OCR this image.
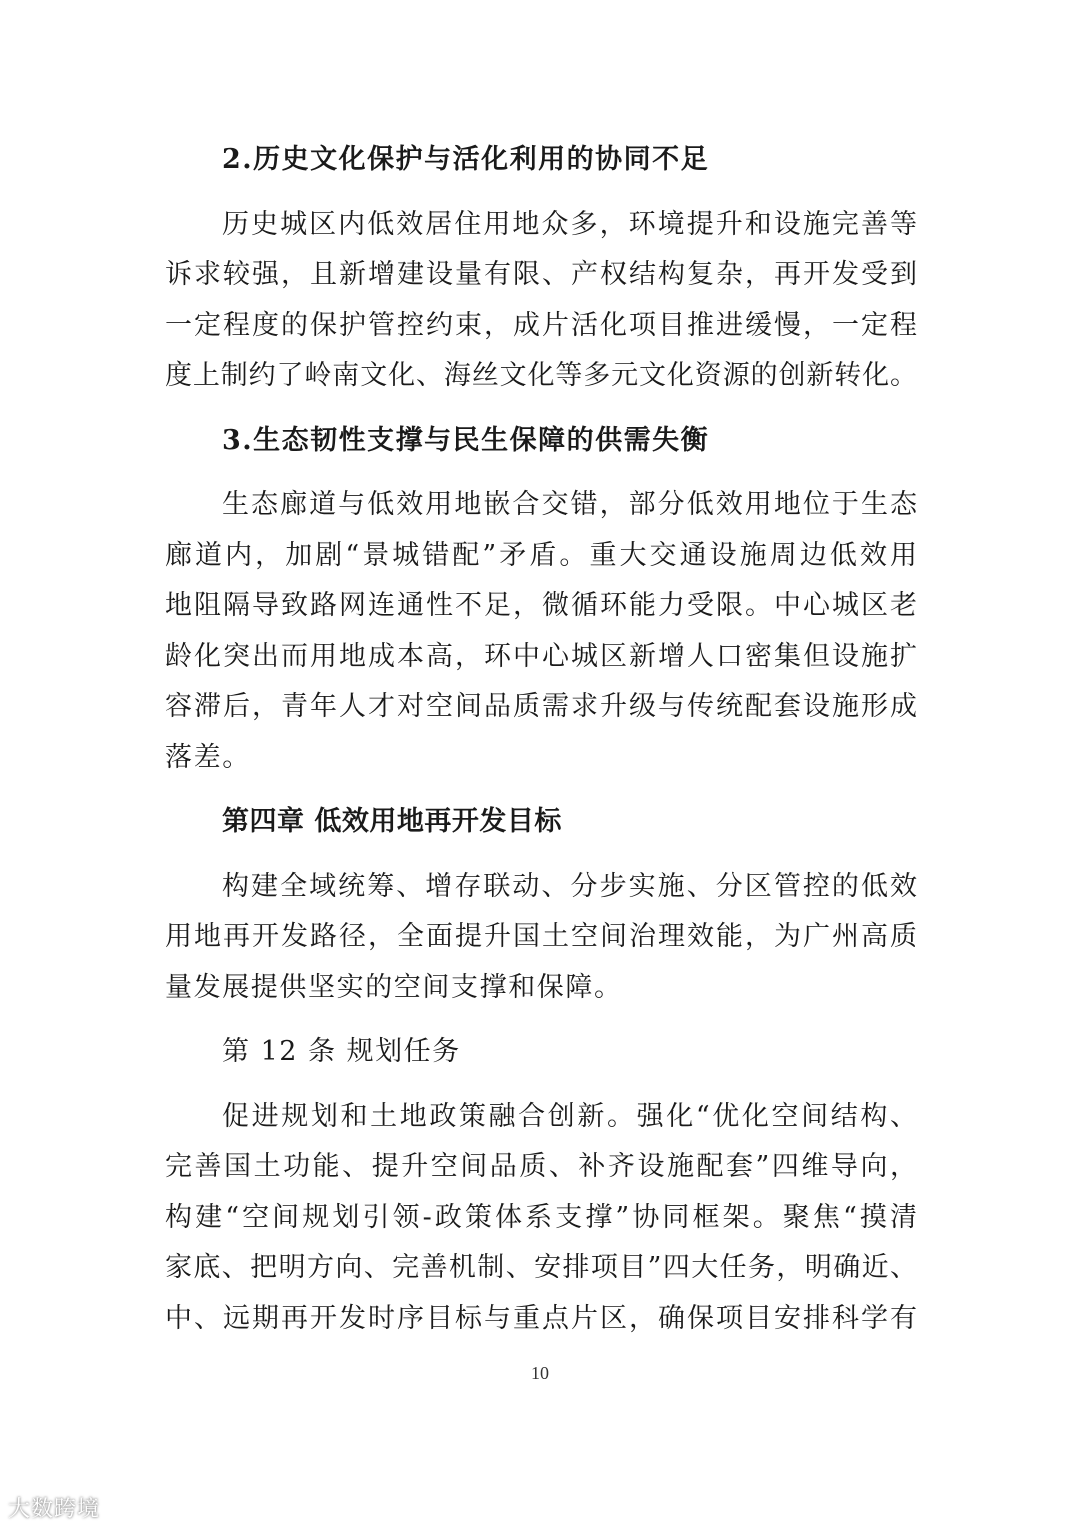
2.历史文化保护与活化利用的协同不足
历史城区内低效居住用地众多，环境提升和设施完善等
诉求较强，且新增建设量有限、产权结构复杂，再开发受到
一定程度的保护管控约束，成片活化项目推进缓慢，一定程
度上制约了岭南文化、海丝文化等多元文化资源的创新转化。
3.生态韧性支撑与民生保障的供需失衡
生态廊道与低效用地嵌合交错，部分低效用地位于生态
廊道内，加剧“景城错配”矛盾。重大交通设施周边低效用
地阻隔导致路网连通性不足，微循环能力受限。中心城区老
龄化突出而用地成本高，环中心城区新增人口密集但设施扩
容滞后，青年人才对空间品质需求升级与传统配套设施形成
落差。
第四章 低效用地再开发目标
构建全域统筹、增存联动、分步实施、分区管控的低效
用地再开发路径，全面提升国土空间治理效能，为广州高质
量发展提供坚实的空间支撑和保障。
第 12 条 规划任务
促进规划和土地政策融合创新。强化“优化空间结构、
完善国土功能、提升空间品质、补齐设施配套”四维导向，
构建“空间规划引领-政策体系支撑”协同框架。聚焦“摸清
家底、把明方向、完善机制、安排项目”四大任务，明确近、
中、远期再开发时序目标与重点片区，确保项目安排科学有
10
大数跨境
